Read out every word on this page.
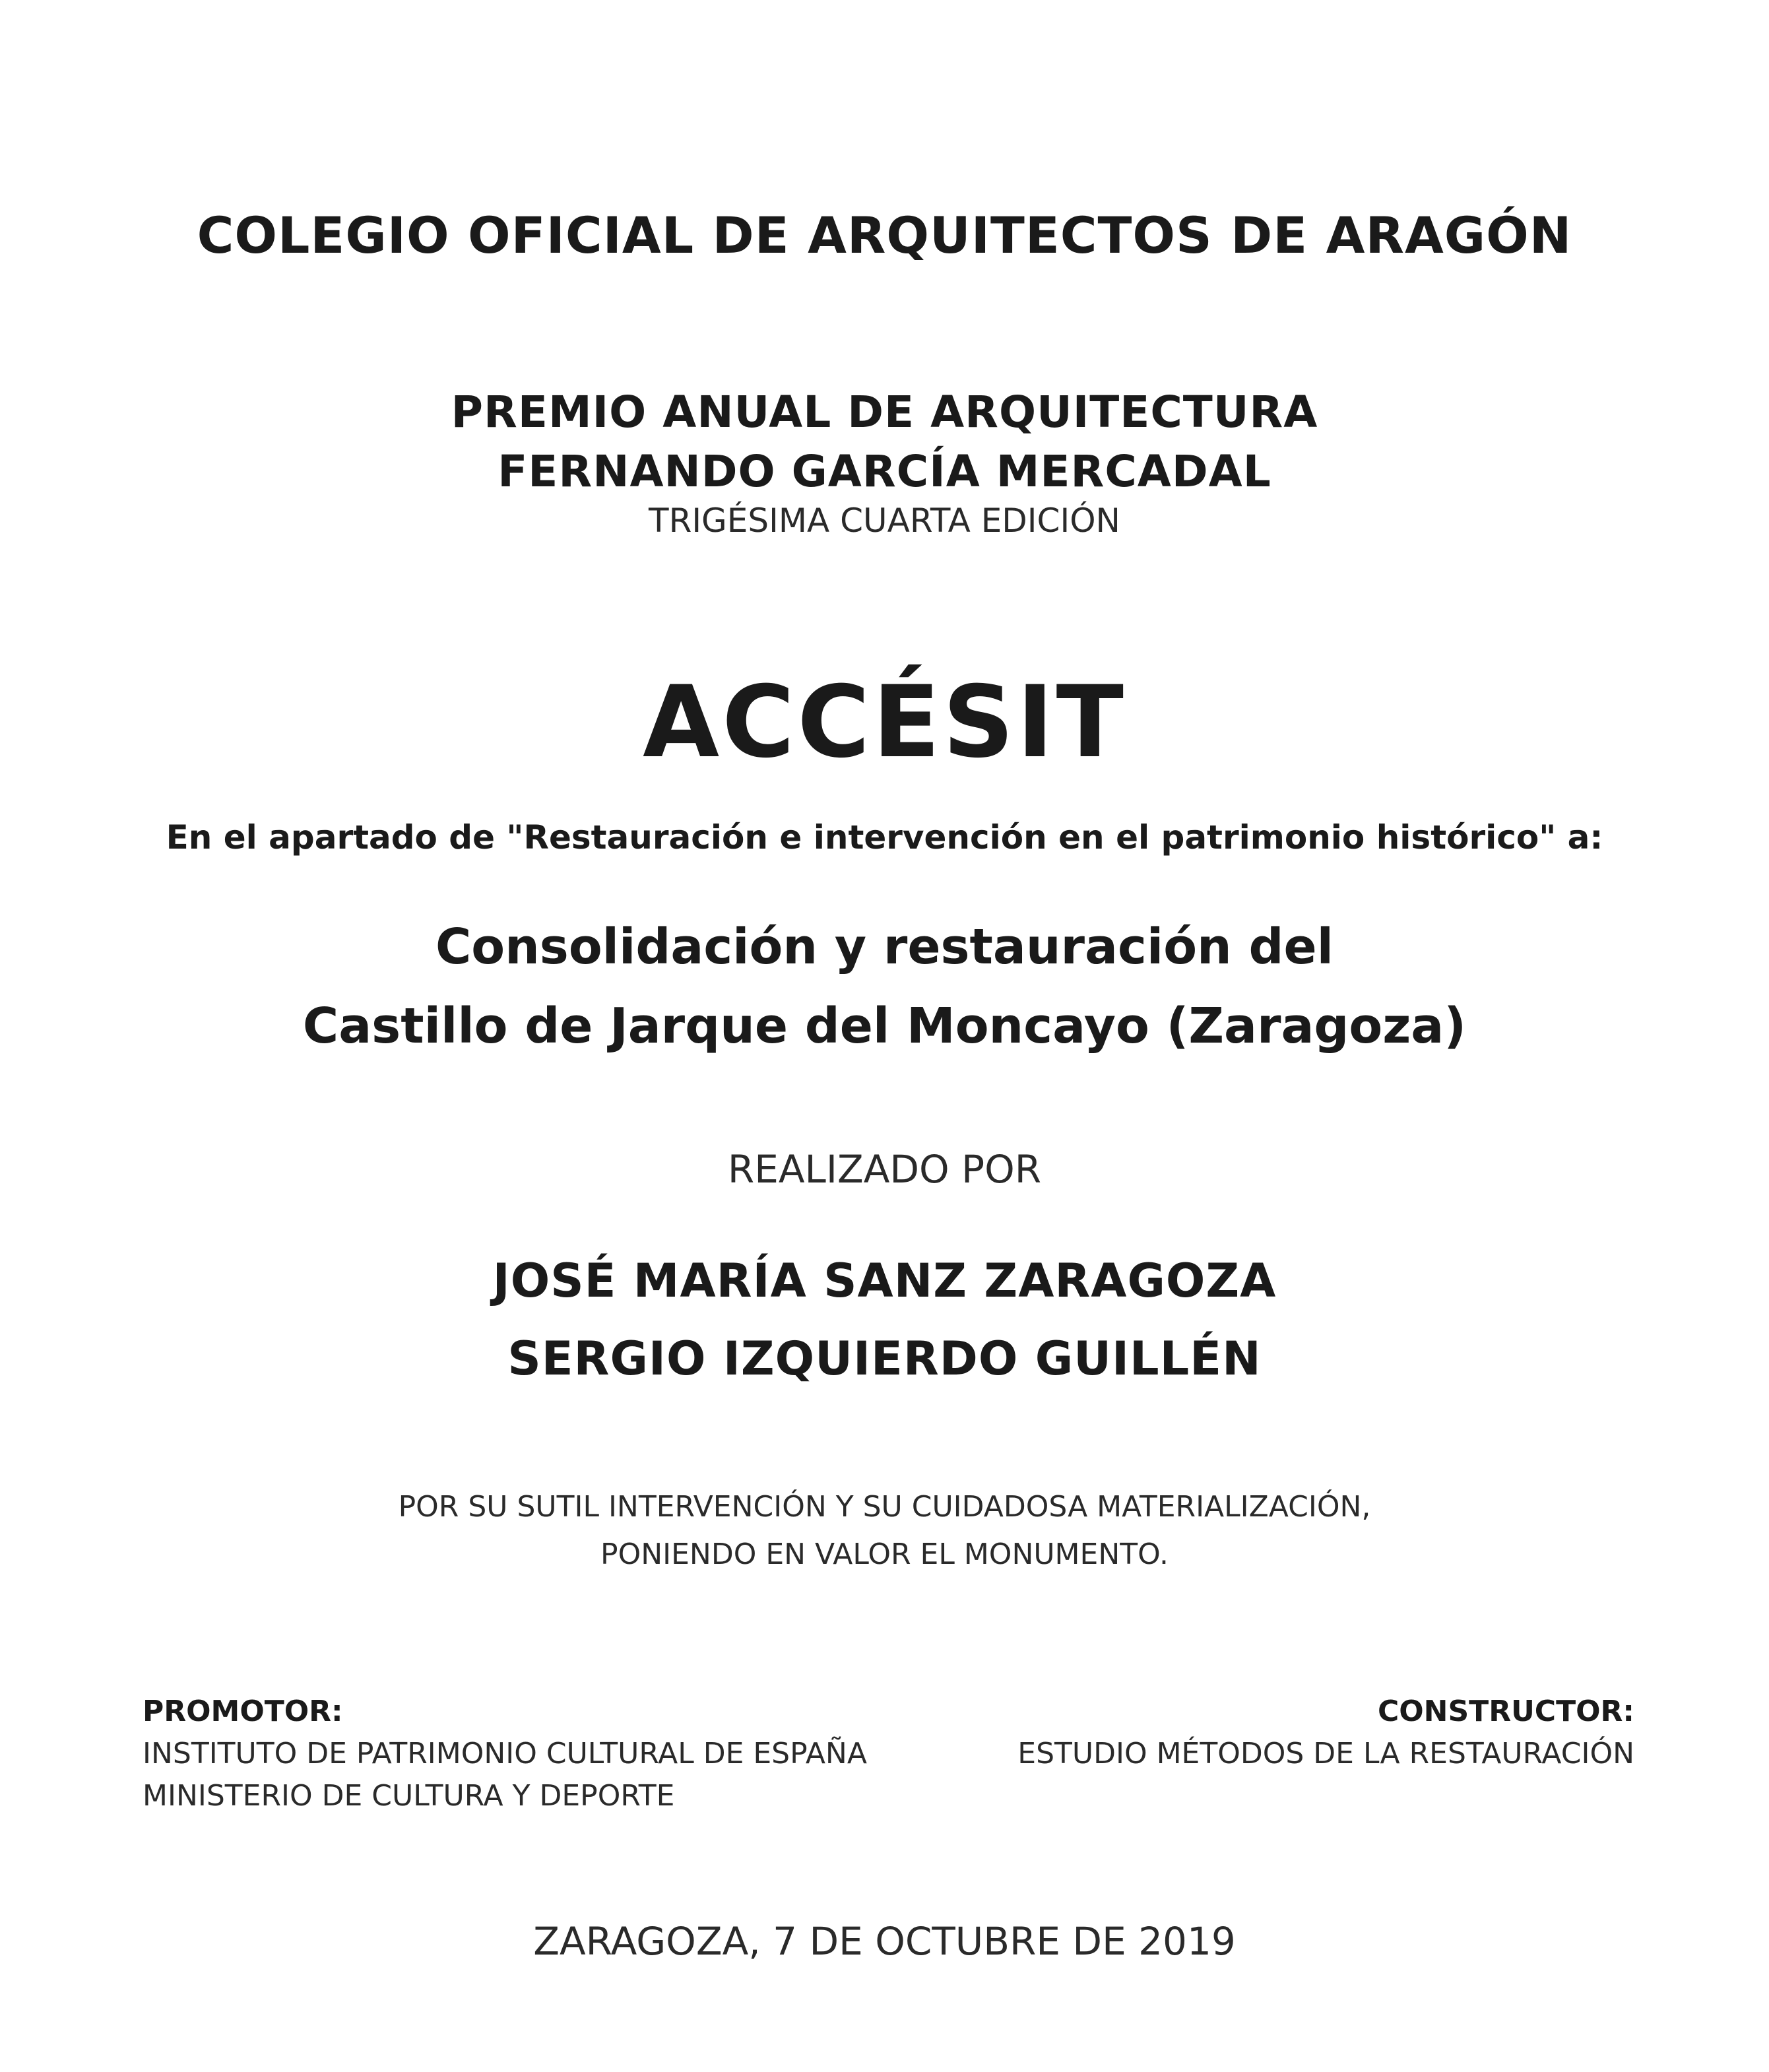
COLEGIO OFICIAL DE ARQUITECTOS DE ARAGÓN
PREMIO ANUAL DE ARQUITECTURA
FERNANDO GARCÍA MERCADAL
TRIGÉSIMA CUARTA EDICIÓN
ACCÉSIT
En el apartado de "Restauración e intervención en el patrimonio histórico" a:
Consolidación y restauración del
Castillo de Jarque del Moncayo (Zaragoza)
REALIZADO POR
JOSÉ MARÍA SANZ ZARAGOZA
SERGIO IZQUIERDO GUILLÉN
POR SU SUTIL INTERVENCIÓN Y SU CUIDADOSA MATERIALIZACIÓN,
PONIENDO EN VALOR EL MONUMENTO.
PROMOTOR:
INSTITUTO DE PATRIMONIO CULTURAL DE ESPAÑA
MINISTERIO DE CULTURA Y DEPORTE
CONSTRUCTOR:
ESTUDIO MÉTODOS DE LA RESTAURACIÓN
ZARAGOZA, 7 DE OCTUBRE DE 2019
